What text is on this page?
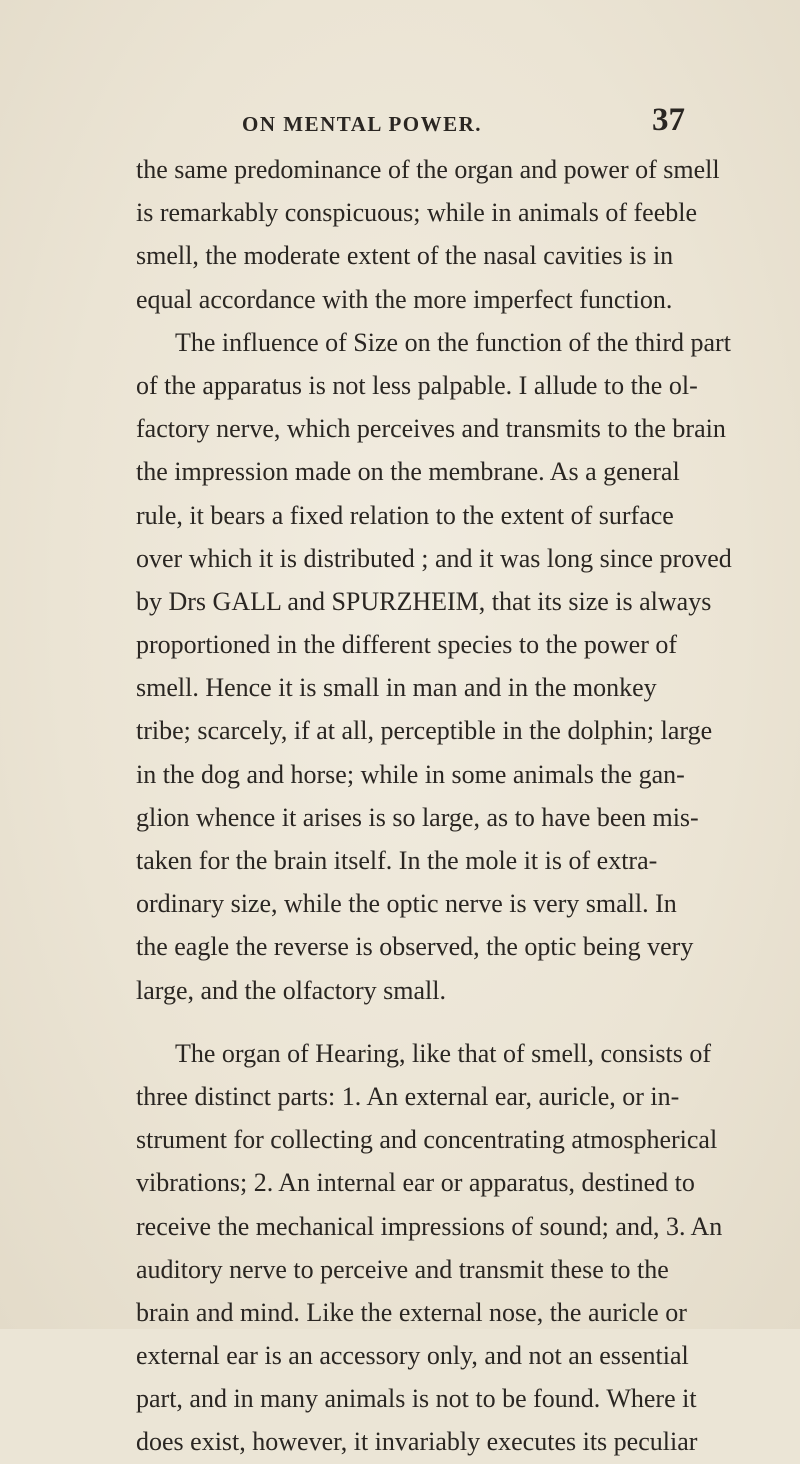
ON MENTAL POWER.	37
the same predominance of the organ and power of smell
is remarkably conspicuous; while in animals of feeble
smell, the moderate extent of the nasal cavities is in
equal accordance with the more imperfect function.
The influence of Size on the function of the third part
of the apparatus is not less palpable. I allude to the ol-
factory nerve, which perceives and transmits to the brain
the impression made on the membrane. As a general
rule, it bears a fixed relation to the extent of surface
over which it is distributed ; and it was long since proved
by Drs GALL and SPURZHEIM, that its size is always
proportioned in the different species to the power of
smell. Hence it is small in man and in the monkey
tribe; scarcely, if at all, perceptible in the dolphin; large
in the dog and horse; while in some animals the gan-
glion whence it arises is so large, as to have been mis-
taken for the brain itself. In the mole it is of extra-
ordinary size, while the optic nerve is very small. In
the eagle the reverse is observed, the optic being very
large, and the olfactory small.
The organ of Hearing, like that of smell, consists of
three distinct parts: 1. An external ear, auricle, or in-
strument for collecting and concentrating atmospherical
vibrations; 2. An internal ear or apparatus, destined to
receive the mechanical impressions of sound; and, 3. An
auditory nerve to perceive and transmit these to the
brain and mind. Like the external nose, the auricle or
external ear is an accessory only, and not an essential
part, and in many animals is not to be found. Where it
does exist, however, it invariably executes its peculiar
